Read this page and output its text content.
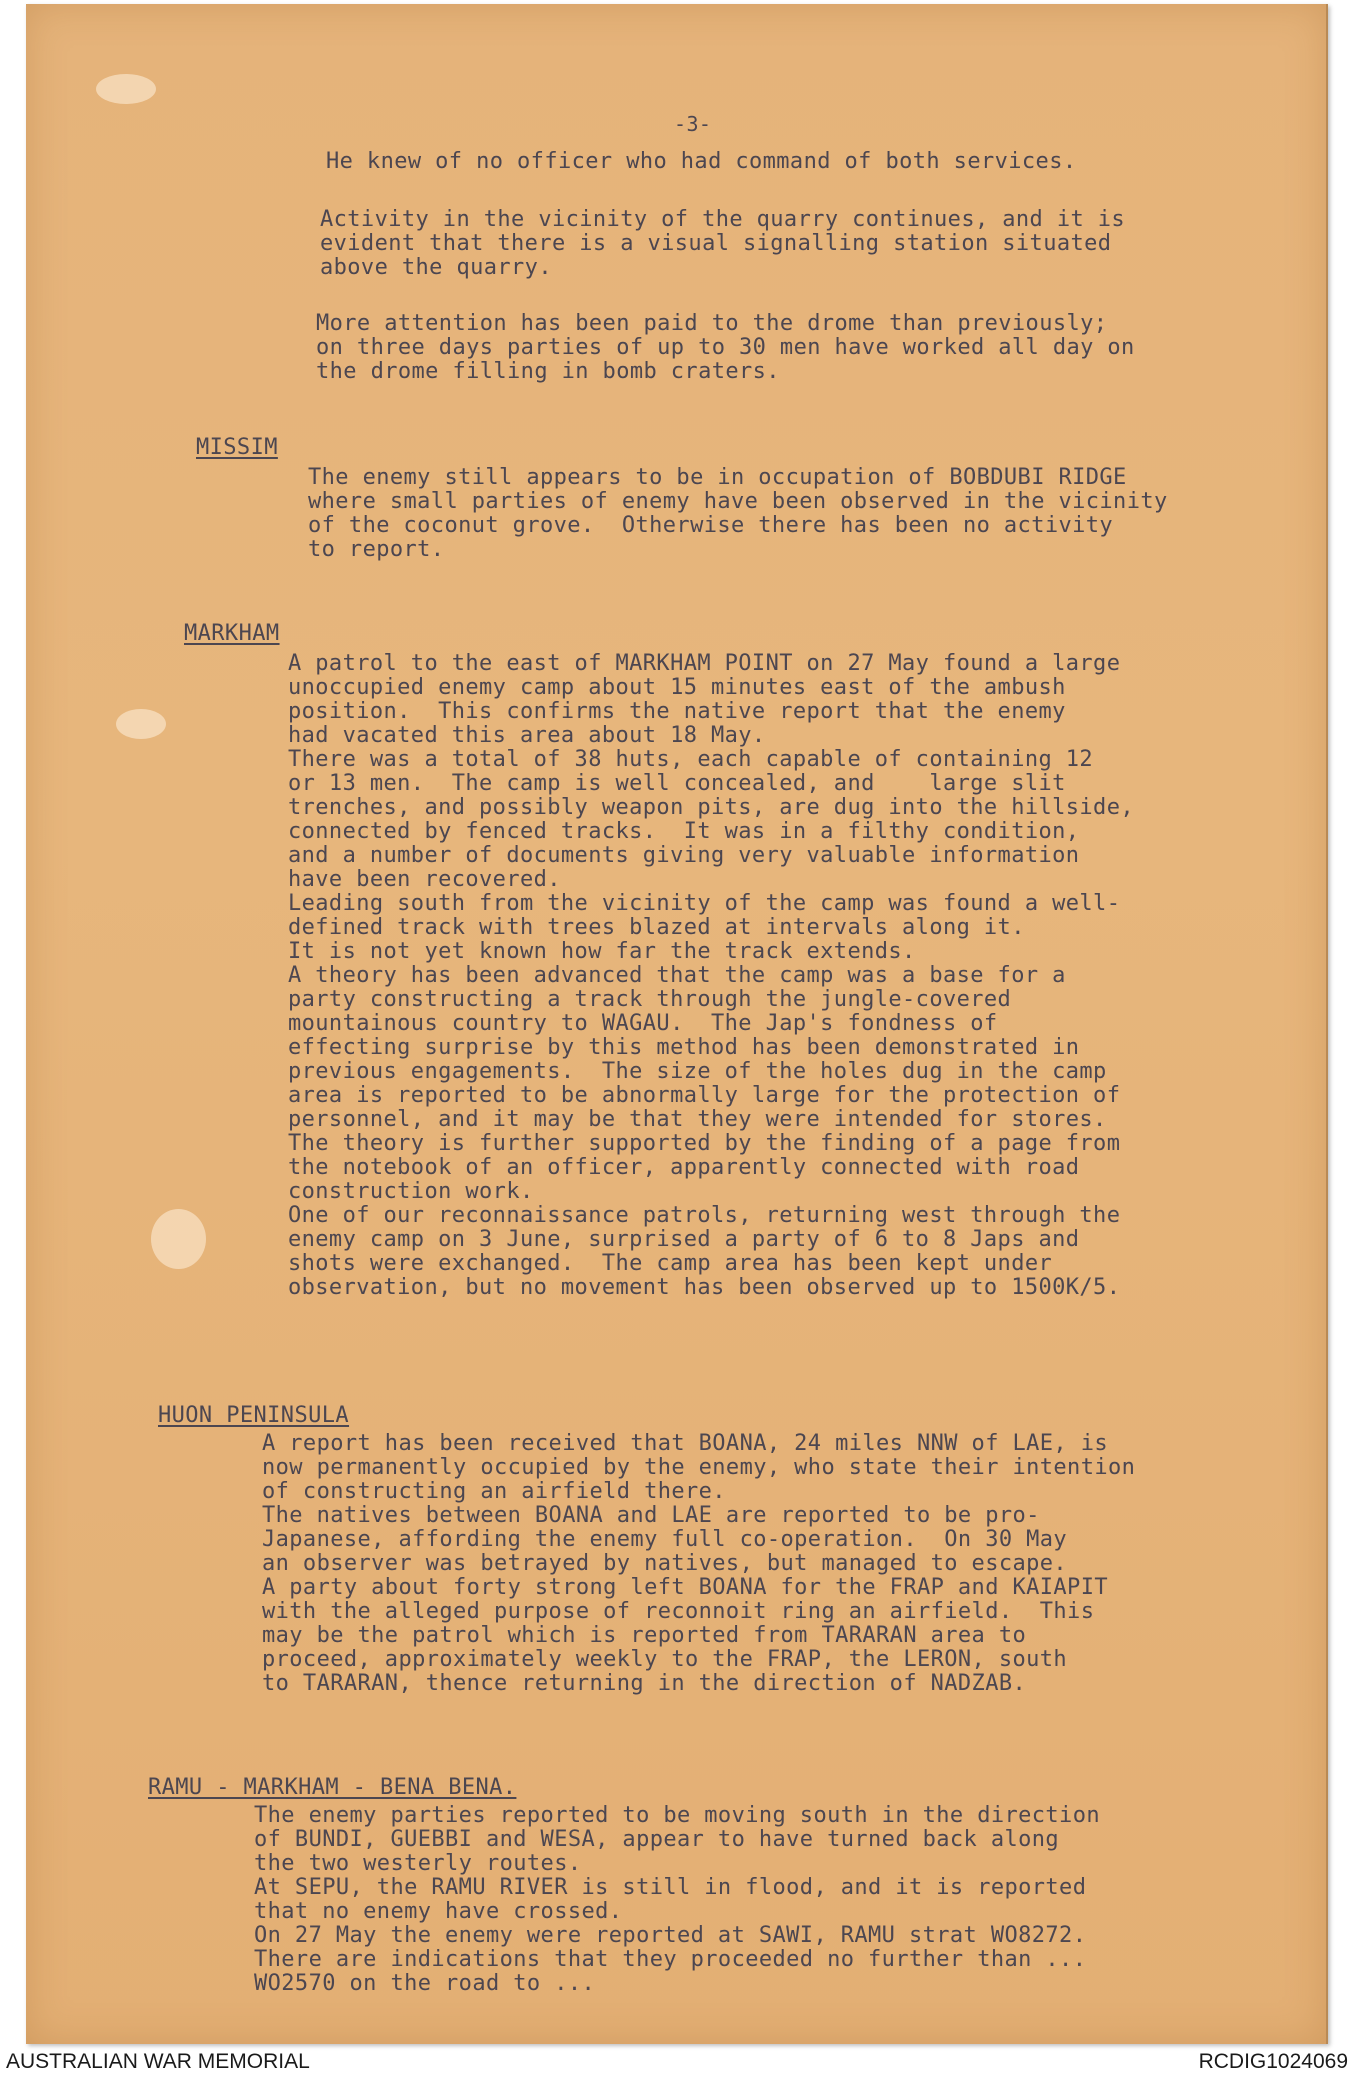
-3-
He knew of no officer who had command of both services.
Activity in the vicinity of the quarry continues, and it is
evident that there is a visual signalling station situated
above the quarry.
More attention has been paid to the drome than previously;
on three days parties of up to 30 men have worked all day on
the drome filling in bomb craters.
MISSIM
The enemy still appears to be in occupation of BOBDUBI RIDGE
where small parties of enemy have been observed in the vicinity
of the coconut grove.  Otherwise there has been no activity
to report.
MARKHAM
A patrol to the east of MARKHAM POINT on 27 May found a large
unoccupied enemy camp about 15 minutes east of the ambush
position.  This confirms the native report that the enemy
had vacated this area about 18 May.
There was a total of 38 huts, each capable of containing 12
or 13 men.  The camp is well concealed, and    large slit
trenches, and possibly weapon pits, are dug into the hillside,
connected by fenced tracks.  It was in a filthy condition,
and a number of documents giving very valuable information
have been recovered.
Leading south from the vicinity of the camp was found a well-
defined track with trees blazed at intervals along it.
It is not yet known how far the track extends.
A theory has been advanced that the camp was a base for a
party constructing a track through the jungle-covered
mountainous country to WAGAU.  The Jap's fondness of
effecting surprise by this method has been demonstrated in
previous engagements.  The size of the holes dug in the camp
area is reported to be abnormally large for the protection of
personnel, and it may be that they were intended for stores.
The theory is further supported by the finding of a page from
the notebook of an officer, apparently connected with road
construction work.
One of our reconnaissance patrols, returning west through the
enemy camp on 3 June, surprised a party of 6 to 8 Japs and
shots were exchanged.  The camp area has been kept under
observation, but no movement has been observed up to 1500K/5.
HUON PENINSULA
A report has been received that BOANA, 24 miles NNW of LAE, is
now permanently occupied by the enemy, who state their intention
of constructing an airfield there.
The natives between BOANA and LAE are reported to be pro-
Japanese, affording the enemy full co-operation.  On 30 May
an observer was betrayed by natives, but managed to escape.
A party about forty strong left BOANA for the FRAP and KAIAPIT
with the alleged purpose of reconnoit ring an airfield.  This
may be the patrol which is reported from TARARAN area to
proceed, approximately weekly to the FRAP, the LERON, south
to TARARAN, thence returning in the direction of NADZAB.
RAMU - MARKHAM - BENA BENA.
The enemy parties reported to be moving south in the direction
of BUNDI, GUEBBI and WESA, appear to have turned back along
the two westerly routes.
At SEPU, the RAMU RIVER is still in flood, and it is reported
that no enemy have crossed.
On 27 May the enemy were reported at SAWI, RAMU strat WO8272.
There are indications that they proceeded no further than ...
WO2570 on the road to ...
AUSTRALIAN WAR MEMORIAL	RCDIG1024069
